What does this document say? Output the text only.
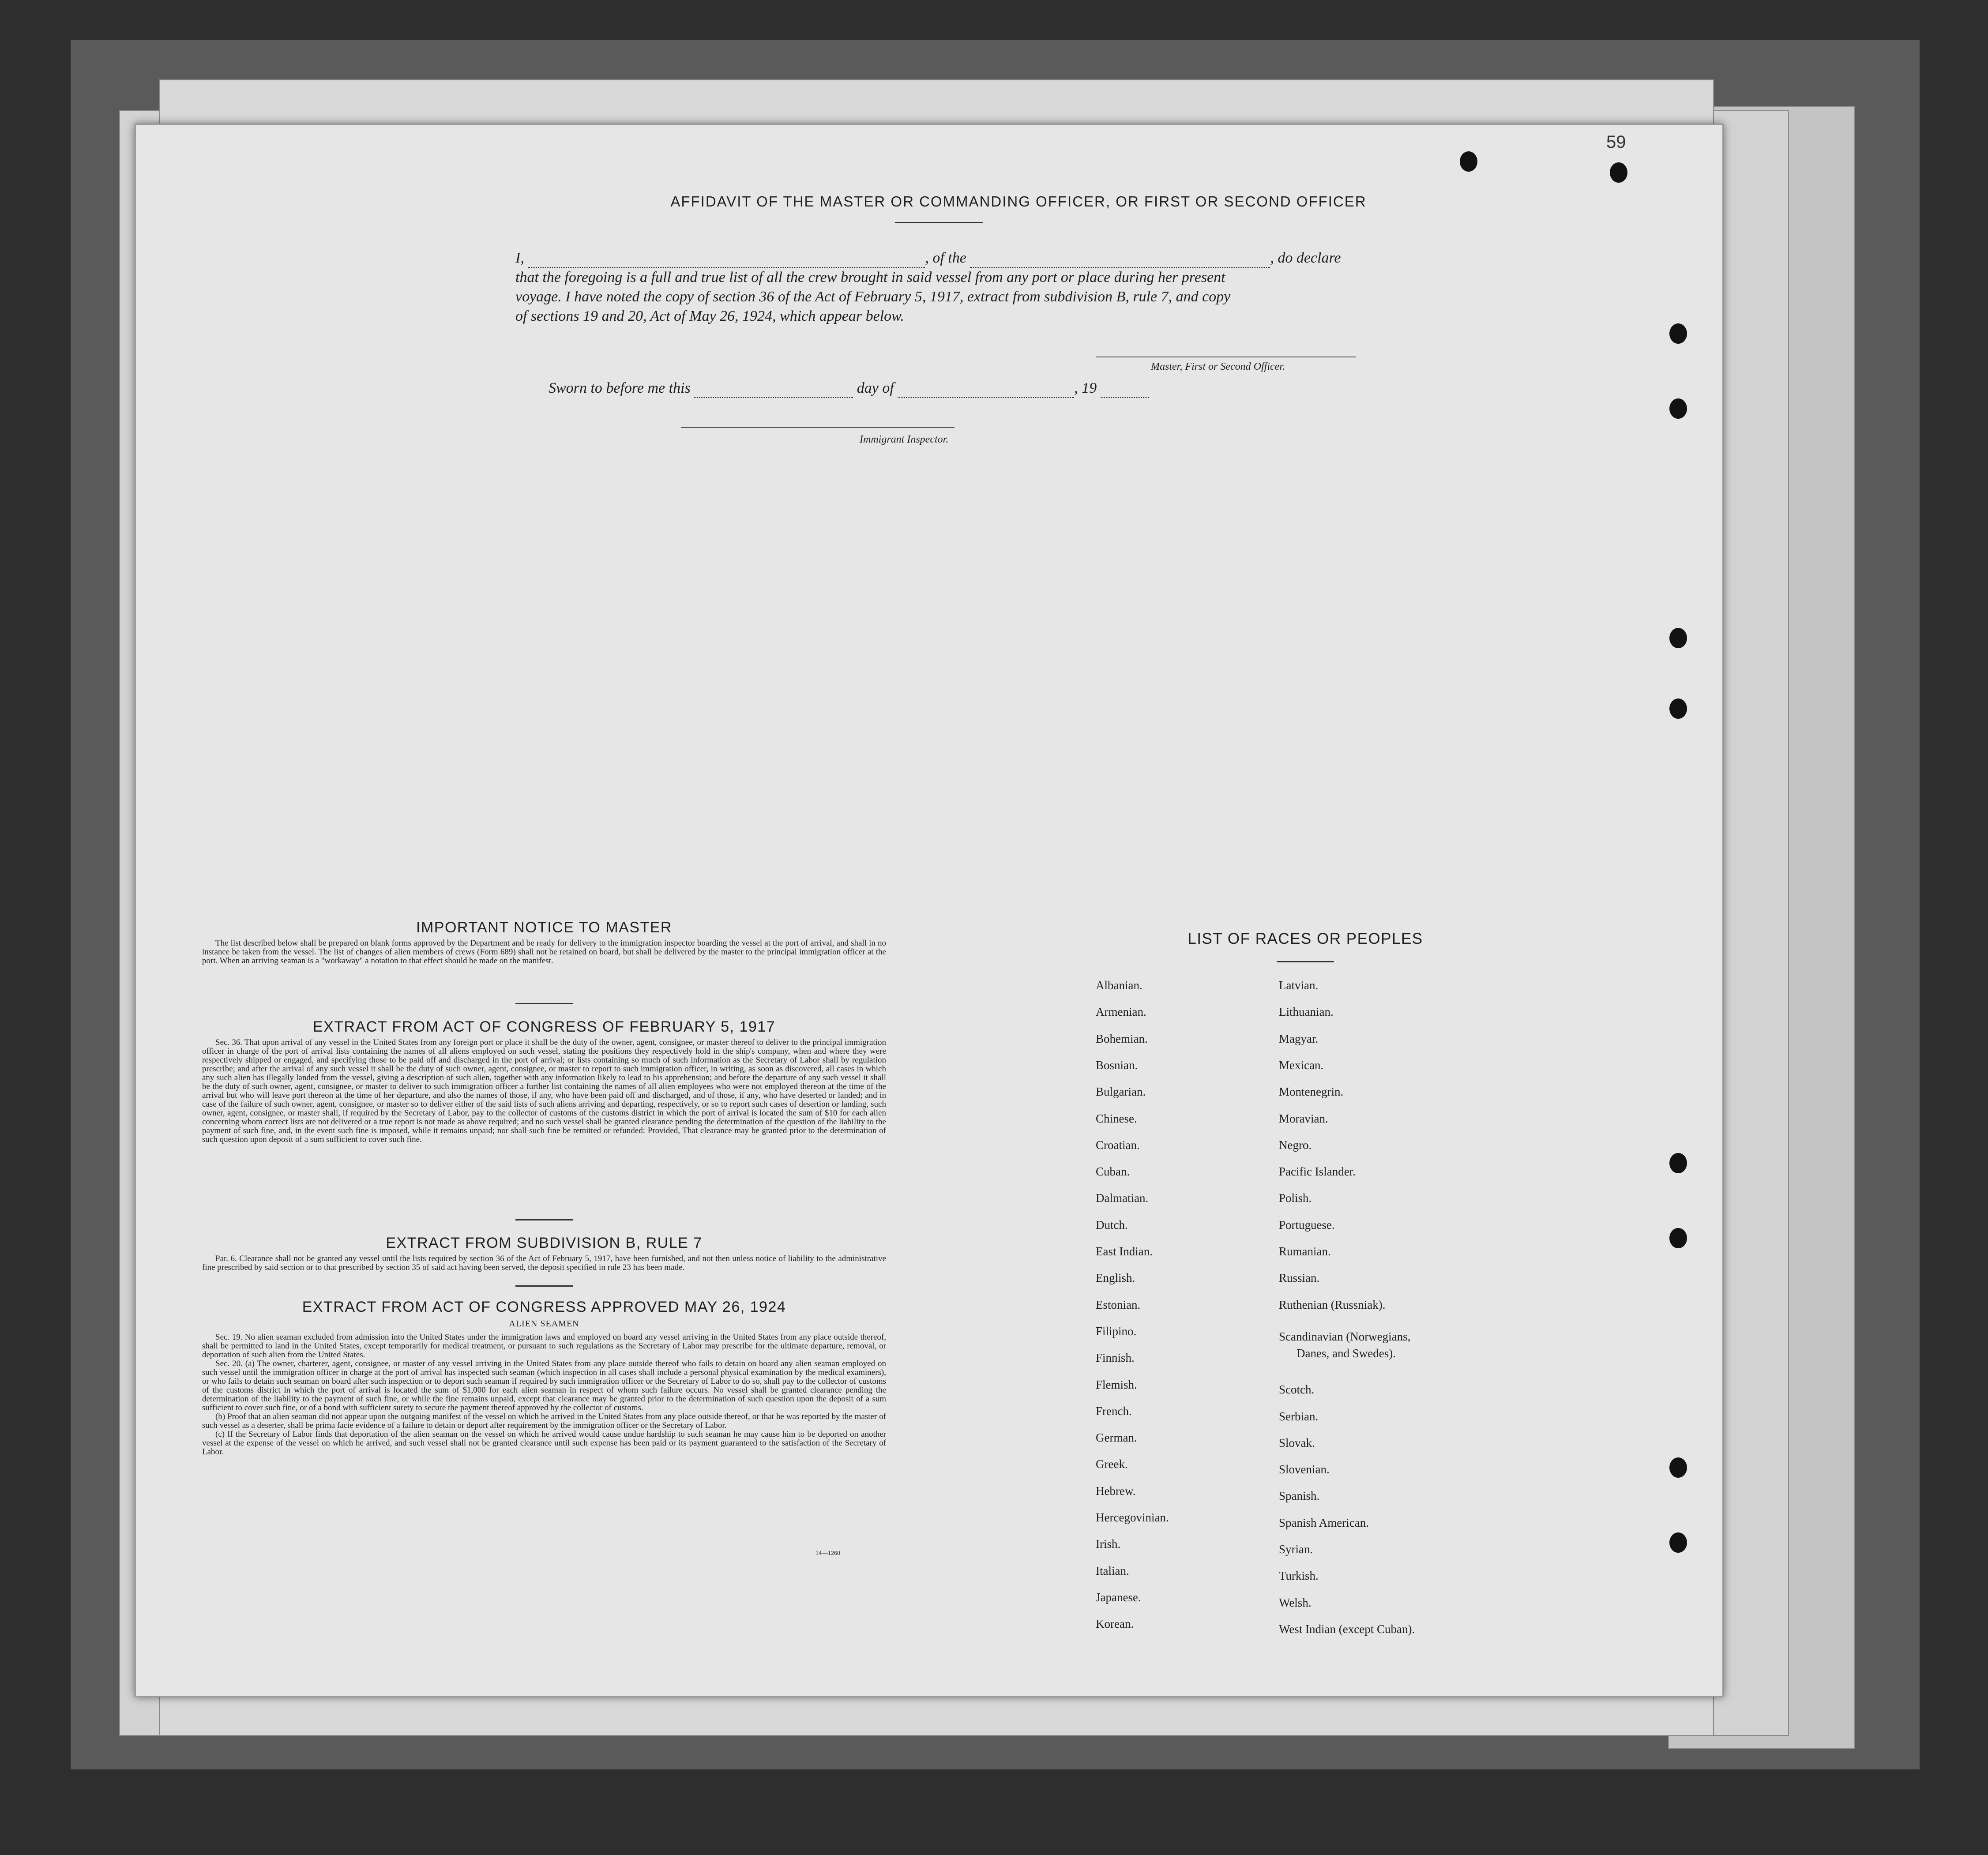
AFFIDAVIT OF THE MASTER OR COMMANDING OFFICER, OR FIRST OR SECOND OFFICER
I,	, of the	, do declare
that the foregoing is a full and true list of all the crew brought in said vessel from any port or place during her present
voyage. I have noted the copy of section 36 of the Act of February 5, 1917, extract from subdivision B, rule 7, and copy
of sections 19 and 20, Act of May 26, 1924, which appear below.
Master, First or Second Officer.
Sworn to before me this	day of	, 19
Immigrant Inspector.
IMPORTANT NOTICE TO MASTER

The list described below shall be prepared on blank forms approved by the Department and be ready for delivery to the immigration inspector boarding the vessel at the port of arrival, and shall in no instance be taken from the vessel. The list of changes of alien members of crews (Form 689) shall not be retained on board, but shall be delivered by the master to the principal immigration officer at the port. When an arriving seaman is a "workaway" a notation to that effect should be made on the manifest.

EXTRACT FROM ACT OF CONGRESS OF FEBRUARY 5, 1917

Sec. 36. That upon arrival of any vessel in the United States from any foreign port or place it shall be the duty of the owner, agent, consignee, or master thereof to deliver to the principal immigration officer in charge of the port of arrival lists containing the names of all aliens employed on such vessel, stating the positions they respectively hold in the ship's company, when and where they were respectively shipped or engaged, and specifying those to be paid off and discharged in the port of arrival; or lists containing so much of such information as the Secretary of Labor shall by regulation prescribe; and after the arrival of any such vessel it shall be the duty of such owner, agent, consignee, or master to report to such immigration officer, in writing, as soon as discovered, all cases in which any such alien has illegally landed from the vessel, giving a description of such alien, together with any information likely to lead to his apprehension; and before the departure of any such vessel it shall be the duty of such owner, agent, consignee, or master to deliver to such immigration officer a further list containing the names of all alien employees who were not employed thereon at the time of the arrival but who will leave port thereon at the time of her departure, and also the names of those, if any, who have been paid off and discharged, and of those, if any, who have deserted or landed; and in case of the failure of such owner, agent, consignee, or master so to deliver either of the said lists of such aliens arriving and departing, respectively, or so to report such cases of desertion or landing, such owner, agent, consignee, or master shall, if required by the Secretary of Labor, pay to the collector of customs of the customs district in which the port of arrival is located the sum of $10 for each alien concerning whom correct lists are not delivered or a true report is not made as above required; and no such vessel shall be granted clearance pending the determination of the question of the liability to the payment of such fine, and, in the event such fine is imposed, while it remains unpaid; nor shall such fine be remitted or refunded: Provided, That clearance may be granted prior to the determination of such question upon deposit of a sum sufficient to cover such fine.

EXTRACT FROM SUBDIVISION B, RULE 7

Par. 6. Clearance shall not be granted any vessel until the lists required by section 36 of the Act of February 5, 1917, have been furnished, and not then unless notice of liability to the administrative fine prescribed by said section or to that prescribed by section 35 of said act having been served, the deposit specified in rule 23 has been made.

EXTRACT FROM ACT OF CONGRESS APPROVED MAY 26, 1924
ALIEN SEAMEN

Sec. 19. No alien seaman excluded from admission into the United States under the immigration laws and employed on board any vessel arriving in the United States from any place outside thereof, shall be permitted to land in the United States, except temporarily for medical treatment, or pursuant to such regulations as the Secretary of Labor may prescribe for the ultimate departure, removal, or deportation of such alien from the United States.

Sec. 20. (a) The owner, charterer, agent, consignee, or master of any vessel arriving in the United States from any place outside thereof who fails to detain on board any alien seaman employed on such vessel until the immigration officer in charge at the port of arrival has inspected such seaman (which inspection in all cases shall include a personal physical examination by the medical examiners), or who fails to detain such seaman on board after such inspection or to deport such seaman if required by such immigration officer or the Secretary of Labor to do so, shall pay to the collector of customs of the customs district in which the port of arrival is located the sum of $1,000 for each alien seaman in respect of whom such failure occurs. No vessel shall be granted clearance pending the determination of the liability to the payment of such fine, or while the fine remains unpaid, except that clearance may be granted prior to the determination of such question upon the deposit of a sum sufficient to cover such fine, or of a bond with sufficient surety to secure the payment thereof approved by the collector of customs.

(b) Proof that an alien seaman did not appear upon the outgoing manifest of the vessel on which he arrived in the United States from any place outside thereof, or that he was reported by the master of such vessel as a deserter, shall be prima facie evidence of a failure to detain or deport after requirement by the immigration officer or the Secretary of Labor.

(c) If the Secretary of Labor finds that deportation of the alien seaman on the vessel on which he arrived would cause undue hardship to such seaman he may cause him to be deported on another vessel at the expense of the vessel on which he arrived, and such vessel shall not be granted clearance until such expense has been paid or its payment guaranteed to the satisfaction of the Secretary of Labor.

14—1260
LIST OF RACES OR PEOPLES
Albanian.
Armenian.
Bohemian.
Bosnian.
Bulgarian.
Chinese.
Croatian.
Cuban.
Dalmatian.
Dutch.
East Indian.
English.
Estonian.
Filipino.
Finnish.
Flemish.
French.
German.
Greek.
Hebrew.
Hercegovinian.
Irish.
Italian.
Japanese.
Korean.
Latvian.
Lithuanian.
Magyar.
Mexican.
Montenegrin.
Moravian.
Negro.
Pacific Islander.
Polish.
Portuguese.
Rumanian.
Russian.
Ruthenian (Russniak).
Scandinavian (Norwegians,
Danes, and Swedes).
Scotch.
Serbian.
Slovak.
Slovenian.
Spanish.
Spanish American.
Syrian.
Turkish.
Welsh.
West Indian (except Cuban).
59
